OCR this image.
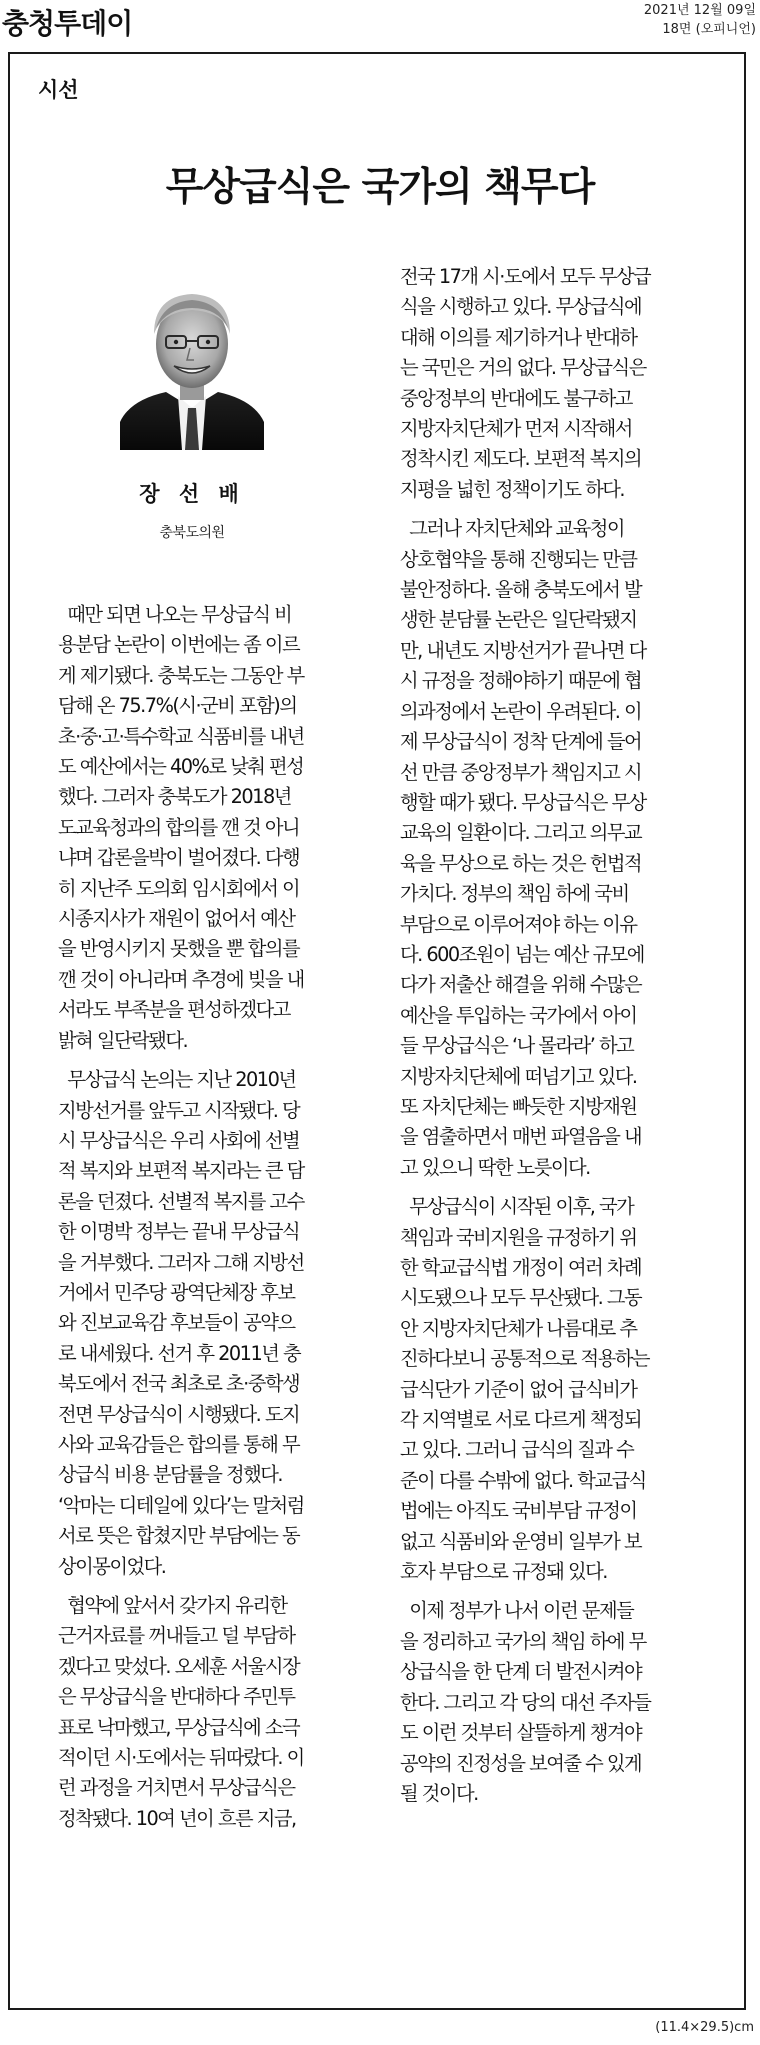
충청투데이	2021년 12월 09일
18면 (오피니언)
시선
무상급식은 국가의 책무다
장 선 배
충북도의원

때만 되면 나오는 무상급식 비

용분담 논란이 이번에는 좀 이르

게 제기됐다. 충북도는 그동안 부

담해 온 75.7%(시·군비 포함)의

초·중·고·특수학교 식품비를 내년

도 예산에서는 40%로 낮춰 편성

했다. 그러자 충북도가 2018년

도교육청과의 합의를 깬 것 아니

냐며 갑론을박이 벌어졌다. 다행

히 지난주 도의회 임시회에서 이

시종지사가 재원이 없어서 예산

을 반영시키지 못했을 뿐 합의를

깬 것이 아니라며 추경에 빚을 내

서라도 부족분을 편성하겠다고

밝혀 일단락됐다.

무상급식 논의는 지난 2010년

지방선거를 앞두고 시작됐다. 당

시 무상급식은 우리 사회에 선별

적 복지와 보편적 복지라는 큰 담

론을 던졌다. 선별적 복지를 고수

한 이명박 정부는 끝내 무상급식

을 거부했다. 그러자 그해 지방선

거에서 민주당 광역단체장 후보

와 진보교육감 후보들이 공약으

로 내세웠다. 선거 후 2011년 충

북도에서 전국 최초로 초·중학생

전면 무상급식이 시행됐다. 도지

사와 교육감들은 합의를 통해 무

상급식 비용 분담률을 정했다.

‘악마는 디테일에 있다’는 말처럼

서로 뜻은 합쳤지만 부담에는 동

상이몽이었다.

협약에 앞서서 갖가지 유리한

근거자료를 꺼내들고 덜 부담하

겠다고 맞섰다. 오세훈 서울시장

은 무상급식을 반대하다 주민투

표로 낙마했고, 무상급식에 소극

적이던 시·도에서는 뒤따랐다. 이

런 과정을 거치면서 무상급식은

정착됐다. 10여 년이 흐른 지금,

전국 17개 시·도에서 모두 무상급

식을 시행하고 있다. 무상급식에

대해 이의를 제기하거나 반대하

는 국민은 거의 없다. 무상급식은

중앙정부의 반대에도 불구하고

지방자치단체가 먼저 시작해서

정착시킨 제도다. 보편적 복지의

지평을 넓힌 정책이기도 하다.

그러나 자치단체와 교육청이

상호협약을 통해 진행되는 만큼

불안정하다. 올해 충북도에서 발

생한 분담률 논란은 일단락됐지

만, 내년도 지방선거가 끝나면 다

시 규정을 정해야하기 때문에 협

의과정에서 논란이 우려된다. 이

제 무상급식이 정착 단계에 들어

선 만큼 중앙정부가 책임지고 시

행할 때가 됐다. 무상급식은 무상

교육의 일환이다. 그리고 의무교

육을 무상으로 하는 것은 헌법적

가치다. 정부의 책임 하에 국비

부담으로 이루어져야 하는 이유

다. 600조원이 넘는 예산 규모에

다가 저출산 해결을 위해 수많은

예산을 투입하는 국가에서 아이

들 무상급식은 ‘나 몰라라’ 하고

지방자치단체에 떠넘기고 있다.

또 자치단체는 빠듯한 지방재원

을 염출하면서 매번 파열음을 내

고 있으니 딱한 노릇이다.

무상급식이 시작된 이후, 국가

책임과 국비지원을 규정하기 위

한 학교급식법 개정이 여러 차례

시도됐으나 모두 무산됐다. 그동

안 지방자치단체가 나름대로 추

진하다보니 공통적으로 적용하는

급식단가 기준이 없어 급식비가

각 지역별로 서로 다르게 책정되

고 있다. 그러니 급식의 질과 수

준이 다를 수밖에 없다. 학교급식

법에는 아직도 국비부담 규정이

없고 식품비와 운영비 일부가 보

호자 부담으로 규정돼 있다.

이제 정부가 나서 이런 문제들

을 정리하고 국가의 책임 하에 무

상급식을 한 단계 더 발전시켜야

한다. 그리고 각 당의 대선 주자들

도 이런 것부터 살뜰하게 챙겨야

공약의 진정성을 보여줄 수 있게

될 것이다.

(11.4×29.5)cm
